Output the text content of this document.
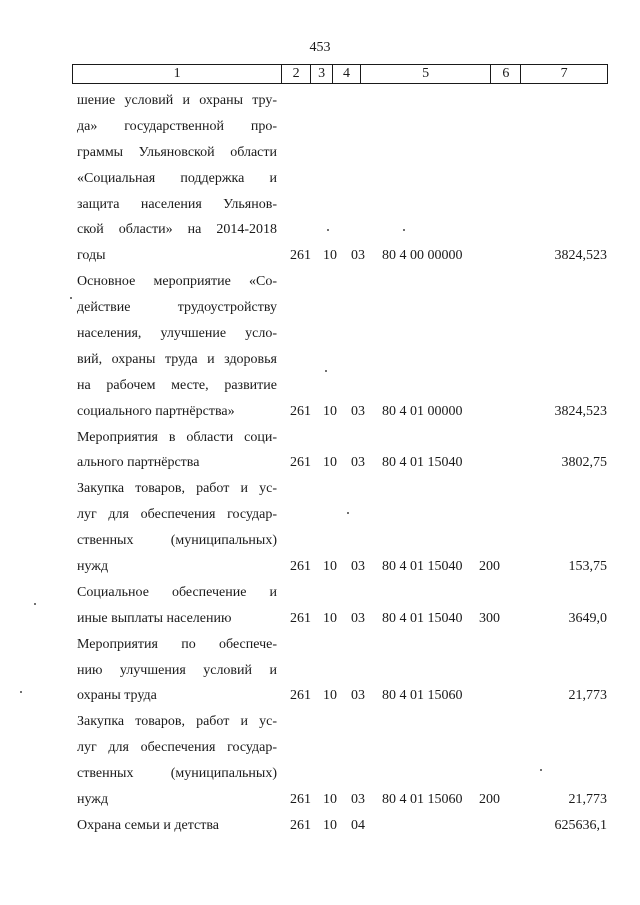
453
1	2	3	4	5	6	7
шение условий и охраны тру-
да» государственной про-
граммы Ульяновской области
«Социальная поддержка и
защита населения Ульянов-
ской области» на 2014-2018
годы	261 10 03 80 4 00 00000	3824,523
Основное мероприятие «Со-
действие трудоустройству
населения, улучшение усло-
вий, охраны труда и здоровья
на рабочем месте, развитие
социального партнёрства»	261 10 03 80 4 01 00000	3824,523
Мероприятия в области соци-
ального партнёрства	261 10 03 80 4 01 15040	3802,75
Закупка товаров, работ и ус-
луг для обеспечения государ-
ственных (муниципальных)
нужд	261 10 03 80 4 01 15040 200	153,75
Социальное обеспечение и
иные выплаты населению	261 10 03 80 4 01 15040 300	3649,0
Мероприятия по обеспече-
нию улучшения условий и
охраны труда	261 10 03 80 4 01 15060	21,773
Закупка товаров, работ и ус-
луг для обеспечения государ-
ственных (муниципальных)
нужд	261 10 03 80 4 01 15060 200	21,773
Охрана семьи и детства	261 10 04	625636,1
